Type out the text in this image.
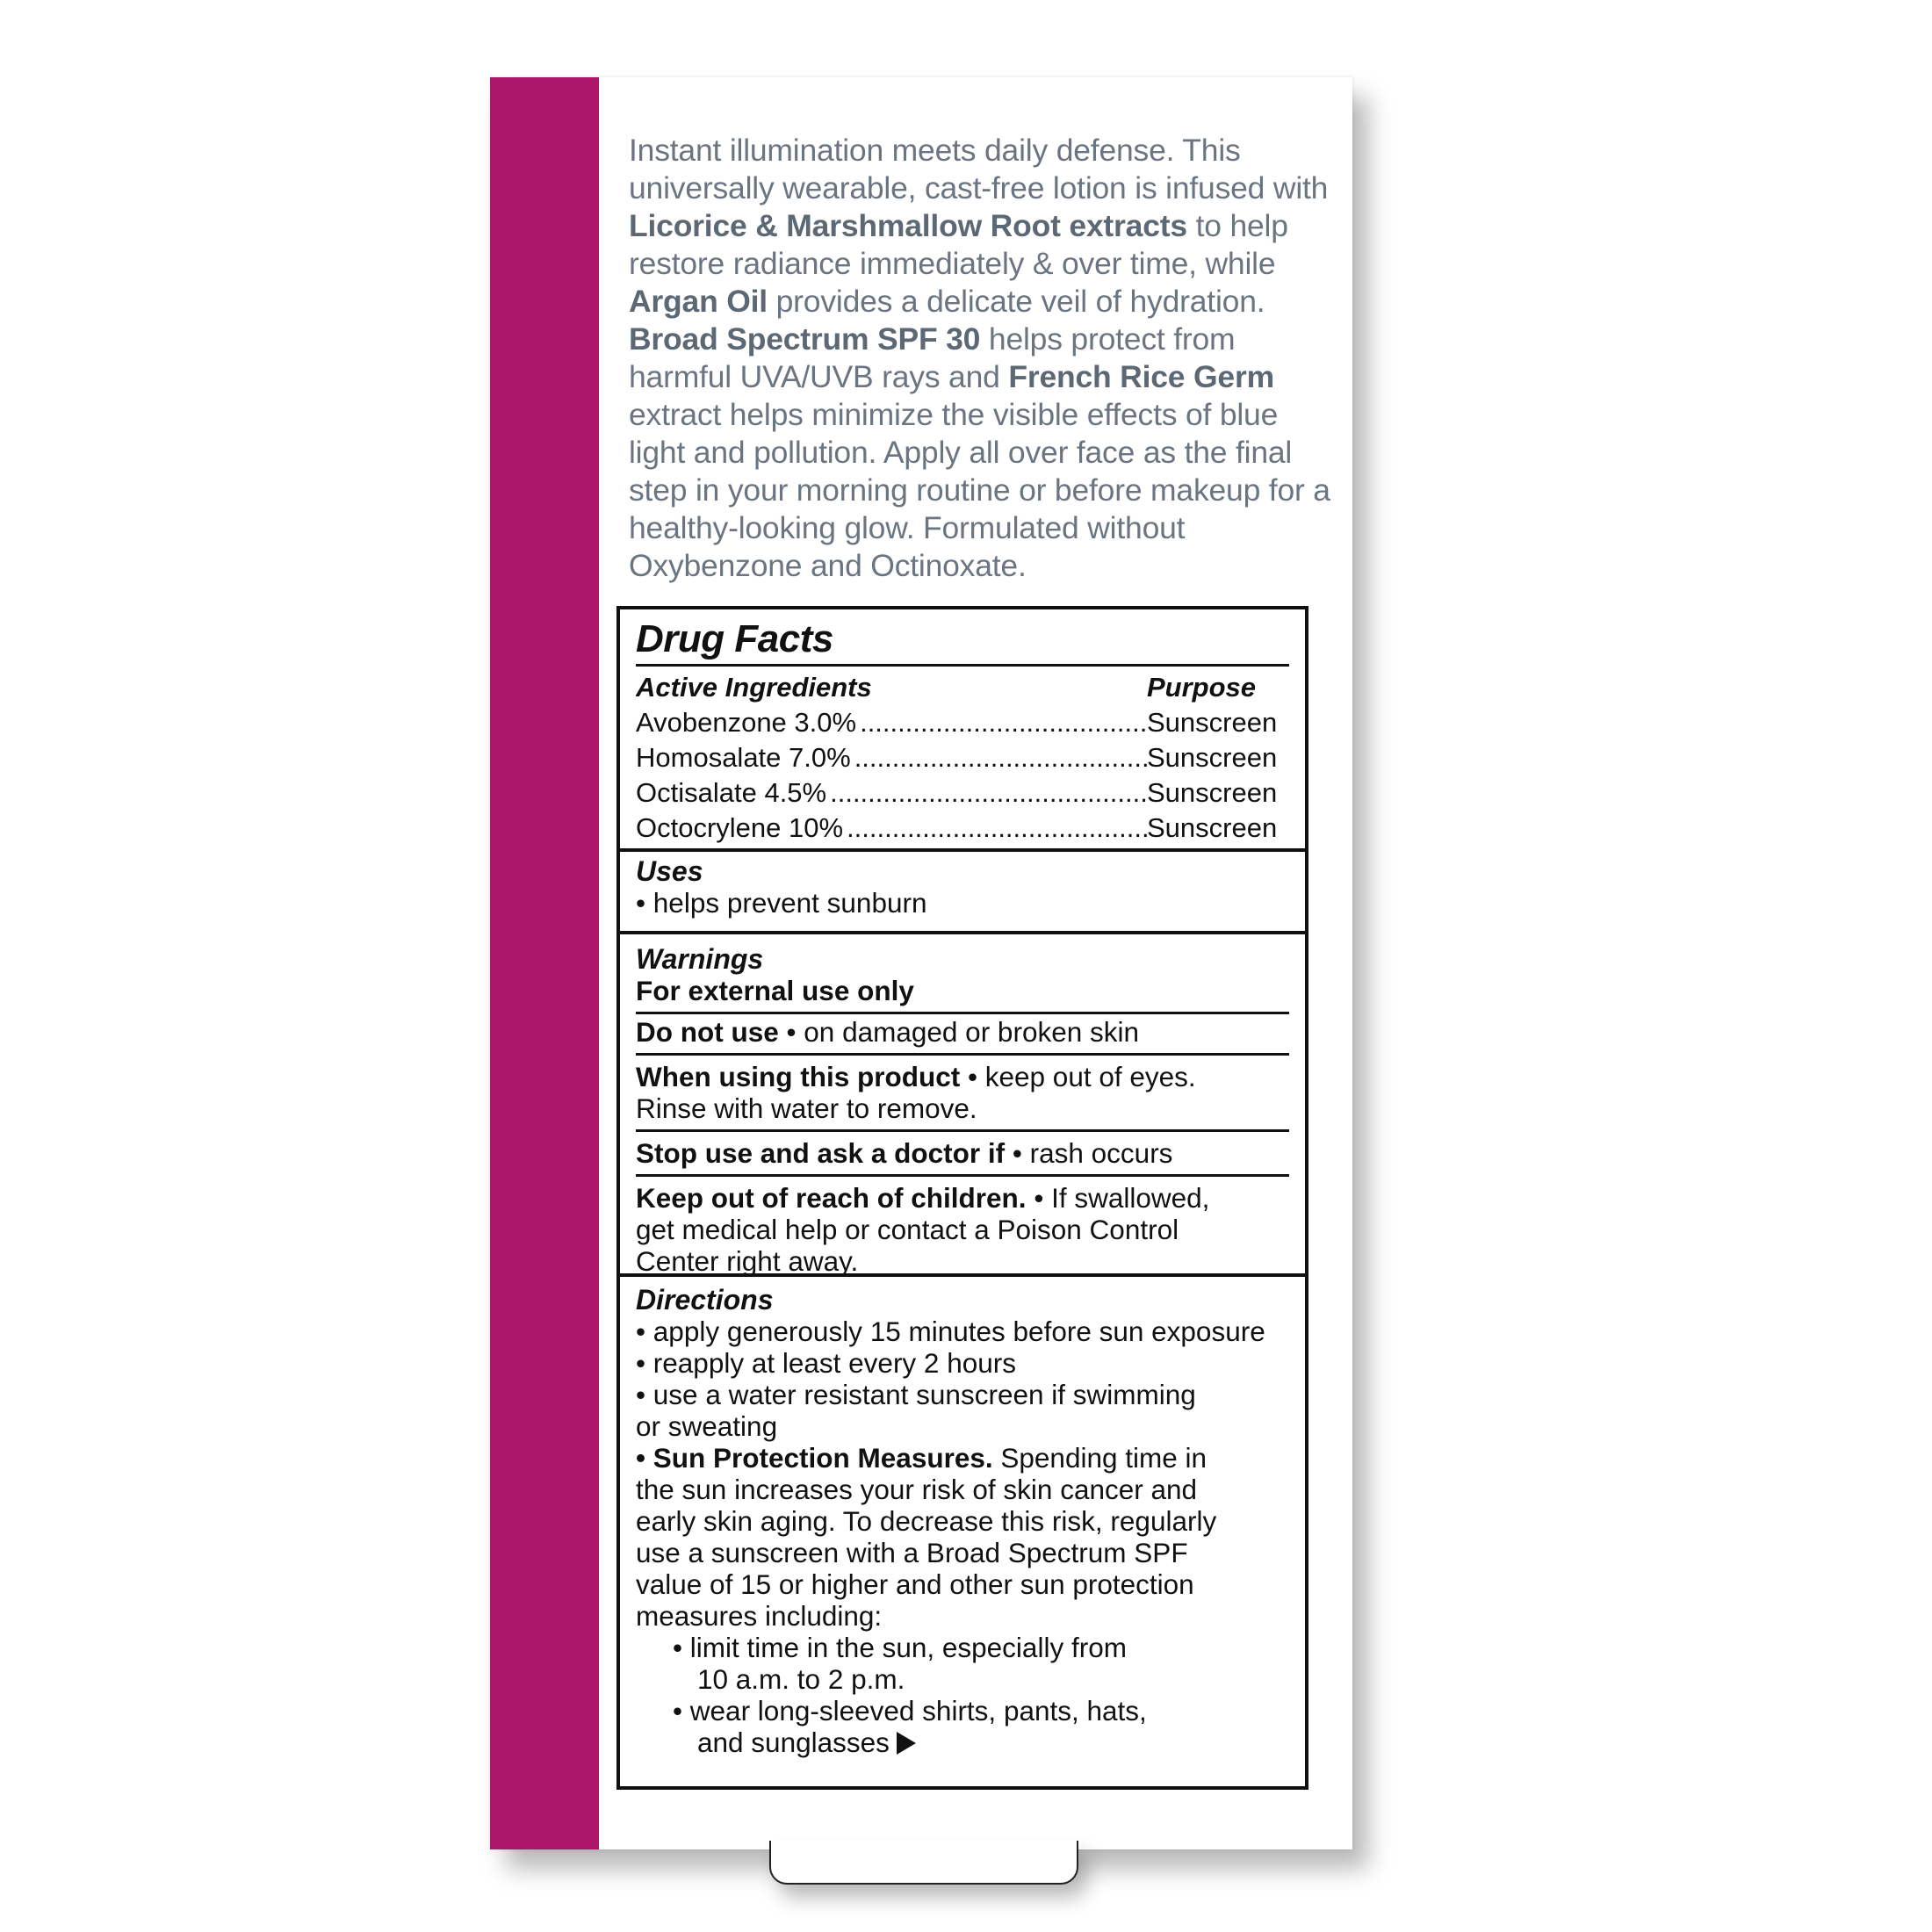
Instant illumination meets daily defense. This universally wearable, cast-free lotion is infused with Licorice & Marshmallow Root extracts to help restore radiance immediately & over time, while Argan Oil provides a delicate veil of hydration. Broad Spectrum SPF 30 helps protect from harmful UVA/UVB rays and French Rice Germ extract helps minimize the visible effects of blue light and pollution. Apply all over face as the final step in your morning routine or before makeup for a healthy-looking glow. Formulated without Oxybenzone and Octinoxate.

Drug Facts
Active Ingredients	Purpose
Avobenzone 3.0% .....	Sunscreen
Homosalate 7.0% .....	Sunscreen
Octisalate 4.5% .....	Sunscreen
Octocrylene 10% .....	Sunscreen
Uses
• helps prevent sunburn
Warnings
For external use only
Do not use • on damaged or broken skin
When using this product • keep out of eyes.
Rinse with water to remove.
Stop use and ask a doctor if • rash occurs
Keep out of reach of children. • If swallowed,
get medical help or contact a Poison Control
Center right away.
Directions
• apply generously 15 minutes before sun exposure
• reapply at least every 2 hours
• use a water resistant sunscreen if swimming
or sweating
• Sun Protection Measures. Spending time in
the sun increases your risk of skin cancer and
early skin aging. To decrease this risk, regularly
use a sunscreen with a Broad Spectrum SPF
value of 15 or higher and other sun protection
measures including:
• limit time in the sun, especially from
10 a.m. to 2 p.m.
• wear long-sleeved shirts, pants, hats,
and sunglasses
